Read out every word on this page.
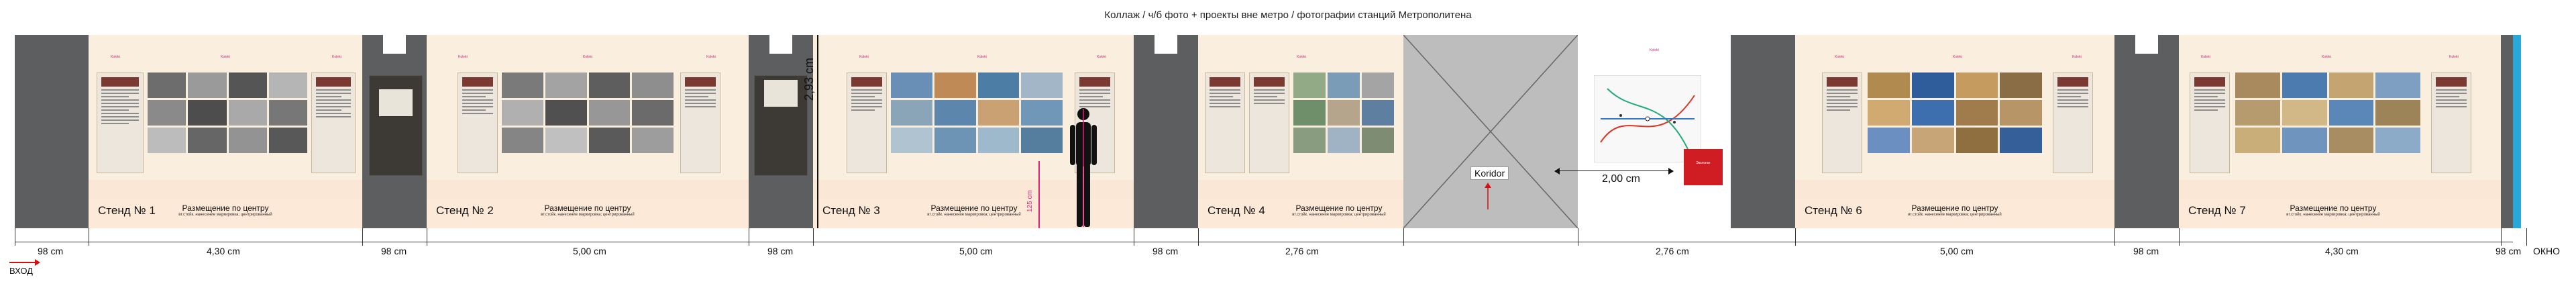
Коллаж / ч/б фото + проекты вне метро / фотографии станций Метрополитена
Kolekt	Kolekt	Kolekt
Стенд № 1	Размещение по центру
вт.стойк. нанесение маркировка; центрированный
Kolekt	Kolekt	Kolekt
Стенд № 2	Размещение по центру
вт.стойк. нанесение маркировка; центрированный
Kolekt	Kolekt	Kolekt
Стенд № 3	Размещение по центру
вт.стойк. нанесение маркировка; центрированный
2,93 cm
125 cm
Kolekt
Стенд № 4	Размещение по центру
вт.стойк. нанесение маркировка; центрированный
Koridor
Kolekt
2,00 cm
Экспонат
Kolekt	Kolekt	Kolekt
Стенд № 6	Размещение по центру
вт.стойк. нанесение маркировка; центрированный
Kolekt	Kolekt	Kolekt
Стенд № 7	Размещение по центру
вт.стойк. нанесение маркировка; центрированный
98 cm	4,30 cm	98 cm	5,00 cm	98 cm	5,00 cm	98 cm	2,76 cm	2,76 cm	5,00 cm	98 cm	4,30 cm	98 cm ОКНО
ВХОД
